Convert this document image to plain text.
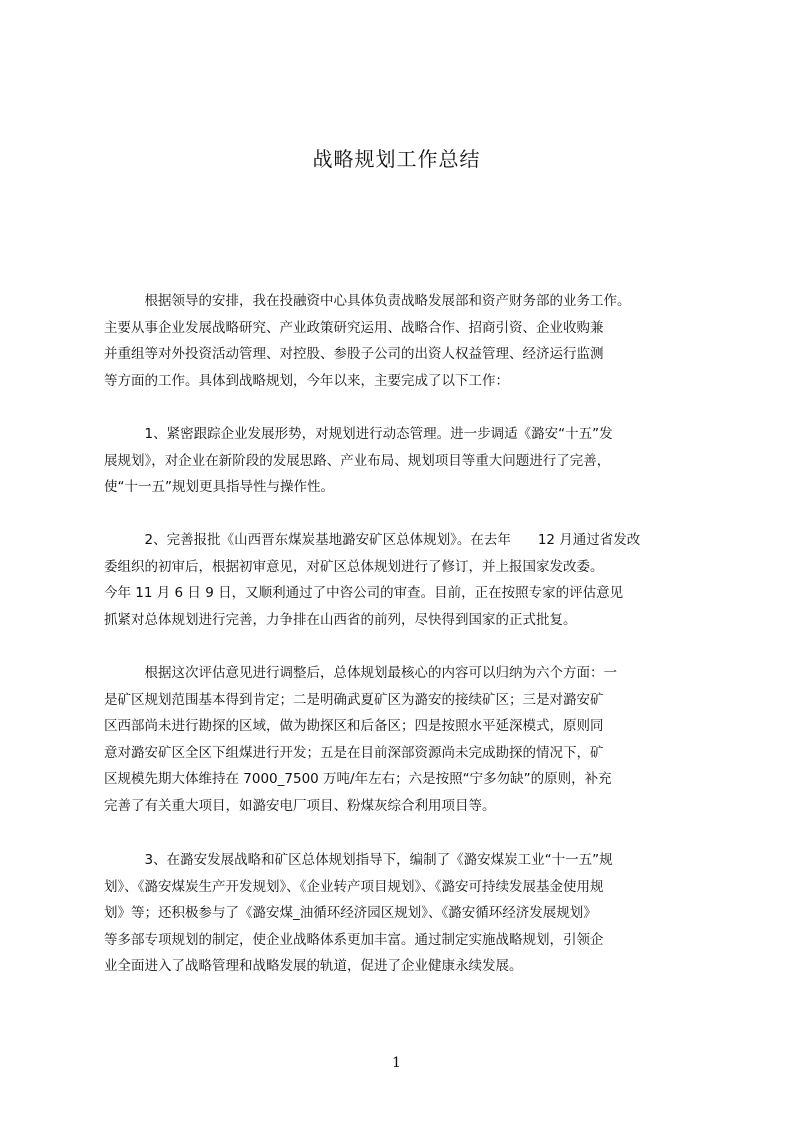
战略规划工作总结
　　　根据领导的安排，我在投融资中心具体负责战略发展部和资产财务部的业务工作。
主要从事企业发展战略研究、产业政策研究运用、战略合作、招商引资、企业收购兼
并重组等对外投资活动管理、对控股、参股子公司的出资人权益管理、经济运行监测
等方面的工作。具体到战略规划，今年以来，主要完成了以下工作：
　　　1、紧密跟踪企业发展形势，对规划进行动态管理。进一步调适《潞安“十五”发
展规划》，对企业在新阶段的发展思路、产业布局、规划项目等重大问题进行了完善，
使“十一五”规划更具指导性与操作性。
　　　2、完善报批《山西晋东煤炭基地潞安矿区总体规划》。在去年　　12 月通过省发改
委组织的初审后，根据初审意见，对矿区总体规划进行了修订，并上报国家发改委。
今年 11 月 6 日 9 日，又顺利通过了中咨公司的审查。目前，正在按照专家的评估意见
抓紧对总体规划进行完善，力争排在山西省的前列，尽快得到国家的正式批复。
　　　根据这次评估意见进行调整后，总体规划最核心的内容可以归纳为六个方面：一
是矿区规划范围基本得到肯定；二是明确武夏矿区为潞安的接续矿区；三是对潞安矿
区西部尚未进行勘探的区域，做为勘探区和后备区；四是按照水平延深模式，原则同
意对潞安矿区全区下组煤进行开发；五是在目前深部资源尚未完成勘探的情况下，矿
区规模先期大体维持在 7000_7500 万吨/年左右；六是按照“宁多勿缺”的原则，补充
完善了有关重大项目，如潞安电厂项目、粉煤灰综合利用项目等。
　　　3、在潞安发展战略和矿区总体规划指导下，编制了《潞安煤炭工业“十一五”规
划》、《潞安煤炭生产开发规划》、《企业转产项目规划》、《潞安可持续发展基金使用规
划》等；还积极参与了《潞安煤_油循环经济园区规划》、《潞安循环经济发展规划》
等多部专项规划的制定，使企业战略体系更加丰富。通过制定实施战略规划，引领企
业全面进入了战略管理和战略发展的轨道，促进了企业健康永续发展。
1
